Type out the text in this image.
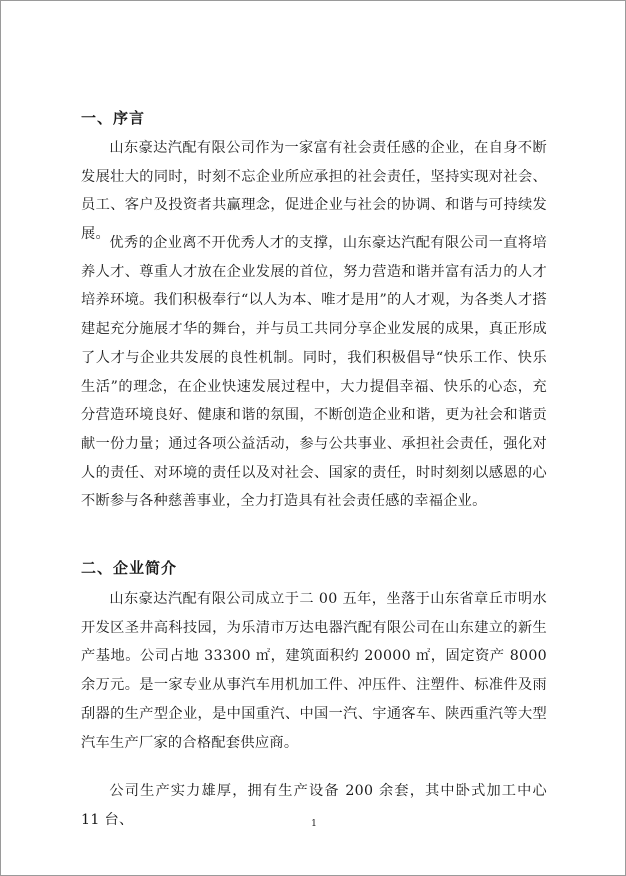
一、序言

山东豪达汽配有限公司作为一家富有社会责任感的企业，在自身不断发展壮大的同时，时刻不忘企业所应承担的社会责任，坚持实现对社会、员工、客户及投资者共赢理念，促进企业与社会的协调、和谐与可持续发展。

优秀的企业离不开优秀人才的支撑，山东豪达汽配有限公司一直将培养人才、尊重人才放在企业发展的首位，努力营造和谐并富有活力的人才培养环境。我们积极奉行“以人为本、唯才是用”的人才观，为各类人才搭建起充分施展才华的舞台，并与员工共同分享企业发展的成果，真正形成了人才与企业共发展的良性机制。同时，我们积极倡导“快乐工作、快乐生活”的理念，在企业快速发展过程中，大力提倡幸福、快乐的心态，充分营造环境良好、健康和谐的氛围，不断创造企业和谐，更为社会和谐贡献一份力量；通过各项公益活动，参与公共事业、承担社会责任，强化对人的责任、对环境的责任以及对社会、国家的责任，时时刻刻以感恩的心不断参与各种慈善事业，全力打造具有社会责任感的幸福企业。

二、企业简介

山东豪达汽配有限公司成立于二 00 五年，坐落于山东省章丘市明水开发区圣井高科技园，为乐清市万达电器汽配有限公司在山东建立的新生产基地。公司占地 33300 ㎡，建筑面积约 20000 ㎡，固定资产 8000 余万元。是一家专业从事汽车用机加工件、冲压件、注塑件、标准件及雨刮器的生产型企业，是中国重汽、中国一汽、宇通客车、陕西重汽等大型汽车生产厂家的合格配套供应商。

公司生产实力雄厚，拥有生产设备 200 余套，其中卧式加工中心 11 台、	1
